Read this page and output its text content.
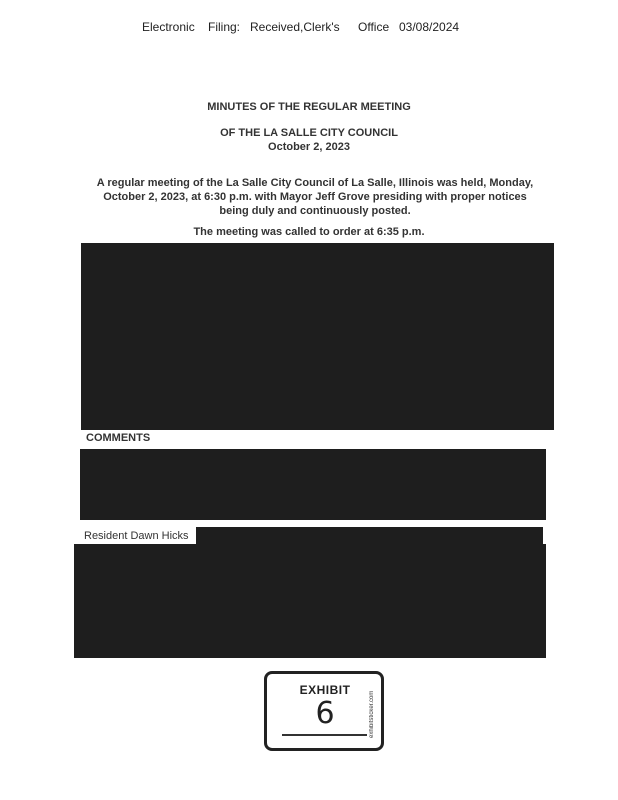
Electronic Filing: Received,Clerk's Office 03/08/2024
MINUTES OF THE REGULAR MEETING
OF THE LA SALLE CITY COUNCIL
October 2, 2023
A regular meeting of the La Salle City Council of La Salle, Illinois was held, Monday, October 2, 2023, at 6:30 p.m. with Mayor Jeff Grove presiding with proper notices being duly and continuously posted.
The meeting was called to order at 6:35 p.m.
COMMENTS
Resident Dawn Hicks
EXHIBIT
6	exhibitsticker.com
